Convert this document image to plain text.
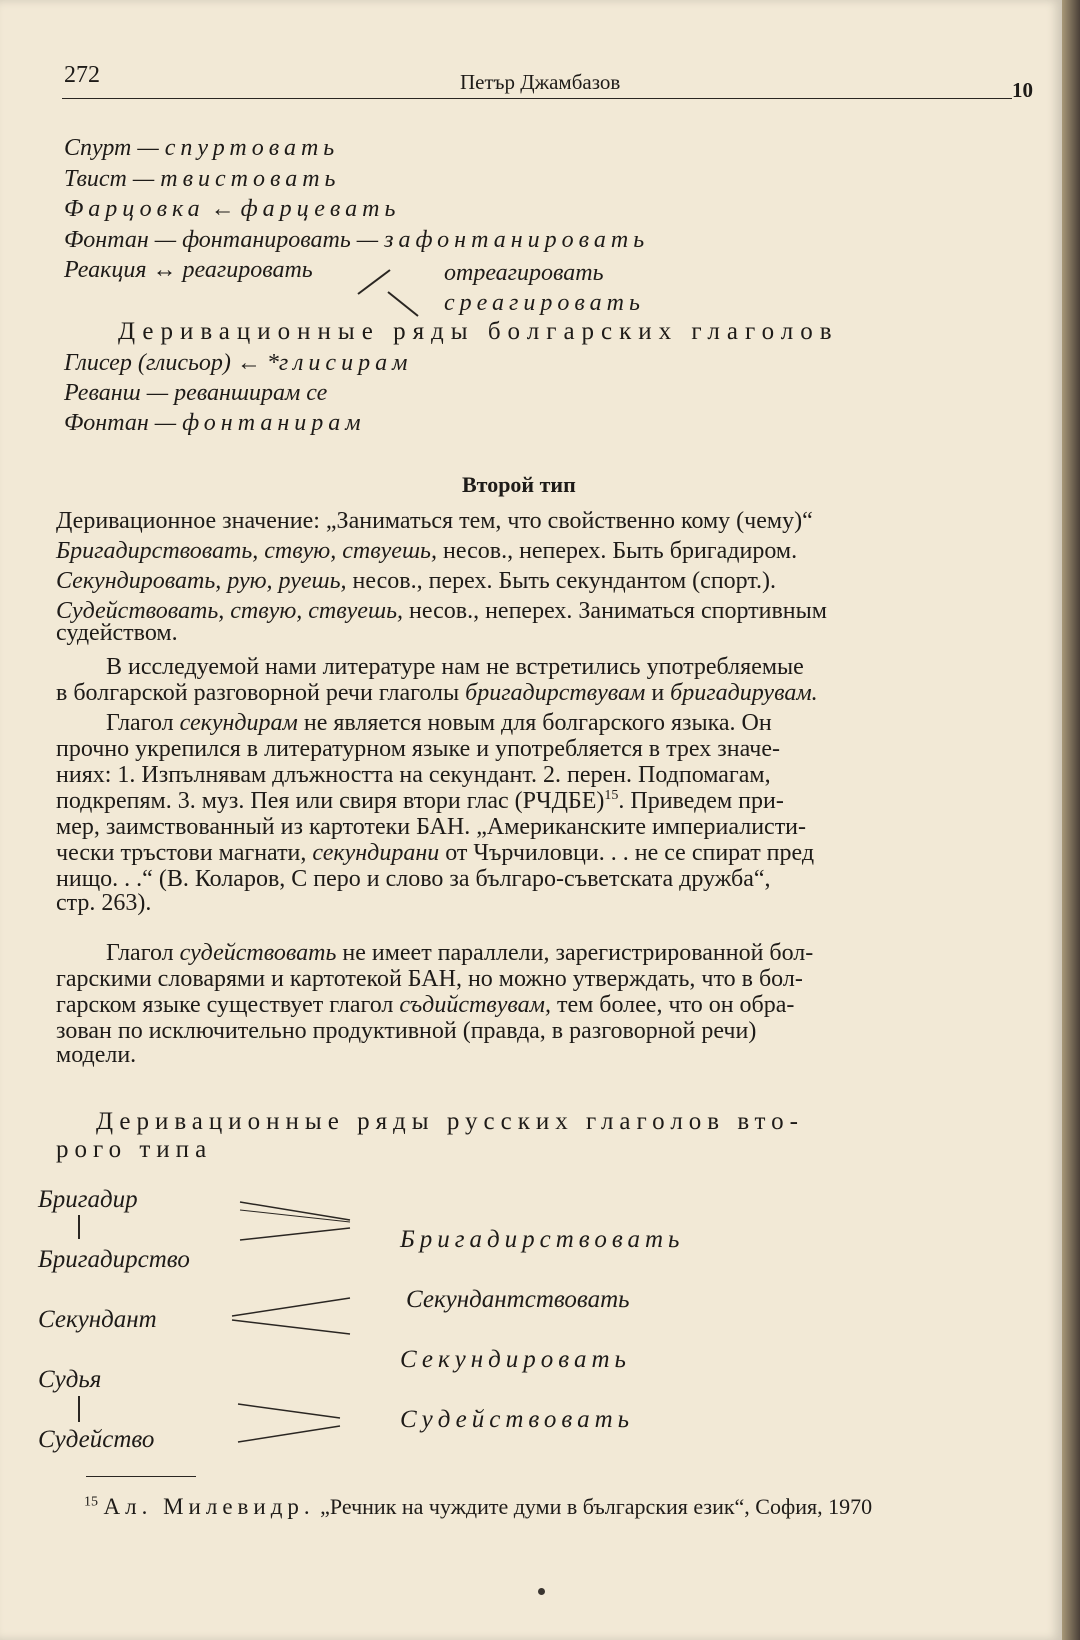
272	Петър Джамбазов	10
Спурт — спуртовать
Твист — твистовать
Фарцовка ← фарцевать
Фонтан — фонтанировать — зафонтанировать
Реакция ↔ реагировать	отреагировать
среагировать
Деривационные ряды болгарских глаголов
Глисер (глисьор) ← *глисирам
Реванш — реванширам се
Фонтан — фонтанирам
Второй тип
Деривационное значение: „Заниматься тем, что свойственно кому (чему)“
Бригадирствовать, ствую, ствуешь, несов., неперех. Быть бригадиром.
Секундировать, рую, руешь, несов., перех. Быть секундантом (спорт.).
Судействовать, ствую, ствуешь, несов., неперех. Заниматься спортивным
судейством.
В исследуемой нами литературе нам не встретились употребляемые
в болгарской разговорной речи глаголы бригадирствувам и бригадирувам.
Глагол секундирам не является новым для болгарского языка. Он
прочно укрепился в литературном языке и употребляется в трех значе-
ниях: 1. Изпълнявам длъжността на секундант. 2. перен. Подпомагам,
подкрепям. 3. муз. Пея или свиря втори глас (РЧДБЕ)$^{15}$. Приведем при-
мер, заимствованный из картотеки БАН. „Американските империалисти-
чески тръстови магнати, секундирани от Чърчиловци. . . не се спират пред
нищо. . .“ (В. Коларов, С перо и слово за българо-съветската дружба“,
стр. 263).
Глагол судействовать не имеет параллели, зарегистрированной бол-
гарскими словарями и картотекой БАН, но можно утверждать, что в бол-
гарском языке существует глагол съдийствувам, тем более, что он обра-
зован по исключительно продуктивной (правда, в разговорной речи)
модели.
Деривационные ряды русских глаголов вто-
рого типа
Бригадир
Бригадирство
Секундант
Судья
Судейство
Бригадирствовать
Секундантствовать
Секундировать
Судействовать
$^{15}$ Ал. Милевидр. „Речник на чуждите думи в българския език“, София, 1970
